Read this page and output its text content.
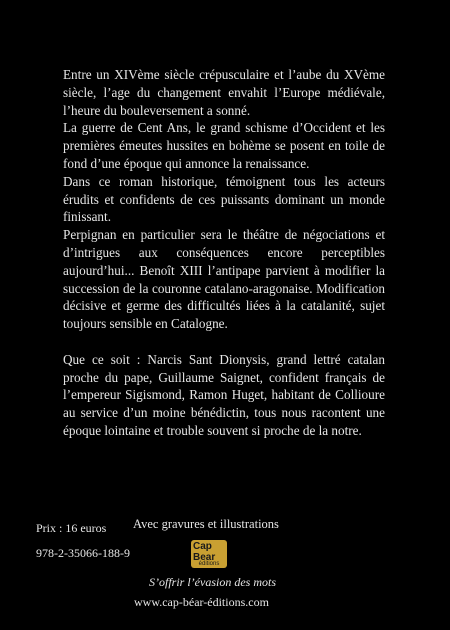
Entre un XIVème siècle crépusculaire et l’aube du XVème siècle, l’age du changement envahit l’Europe médiévale, l’heure du bouleversement a sonné.

La guerre de Cent Ans, le grand schisme d’Occident et les premières émeutes hussites en bohème se posent en toile de fond d’une époque qui annonce la renaissance.

Dans ce roman historique, témoignent tous les acteurs érudits et confidents de ces puissants dominant un monde finissant.

Perpignan en particulier sera le théâtre de négociations et d’intrigues aux conséquences encore perceptibles aujourd’hui... Benoît XIII l’antipape parvient à modifier la succession de la couronne catalano-aragonaise. Modification décisive et germe des difficultés liées à la catalanité, sujet toujours sensible en Catalogne.

Que ce soit : Narcis Sant Dionysis, grand lettré catalan proche du pape, Guillaume Saignet, confident français de l’empereur Sigismond, Ramon Huget, habitant de Collioure au service d’un moine bénédictin, tous nous racontent une époque lointaine et trouble souvent si proche de la notre.

Prix : 16 euros
978-2-35066-188-9
Avec gravures et illustrations
Cap Bear
éditions
S’offrir l’évasion des mots
www.cap-béar-éditions.com
